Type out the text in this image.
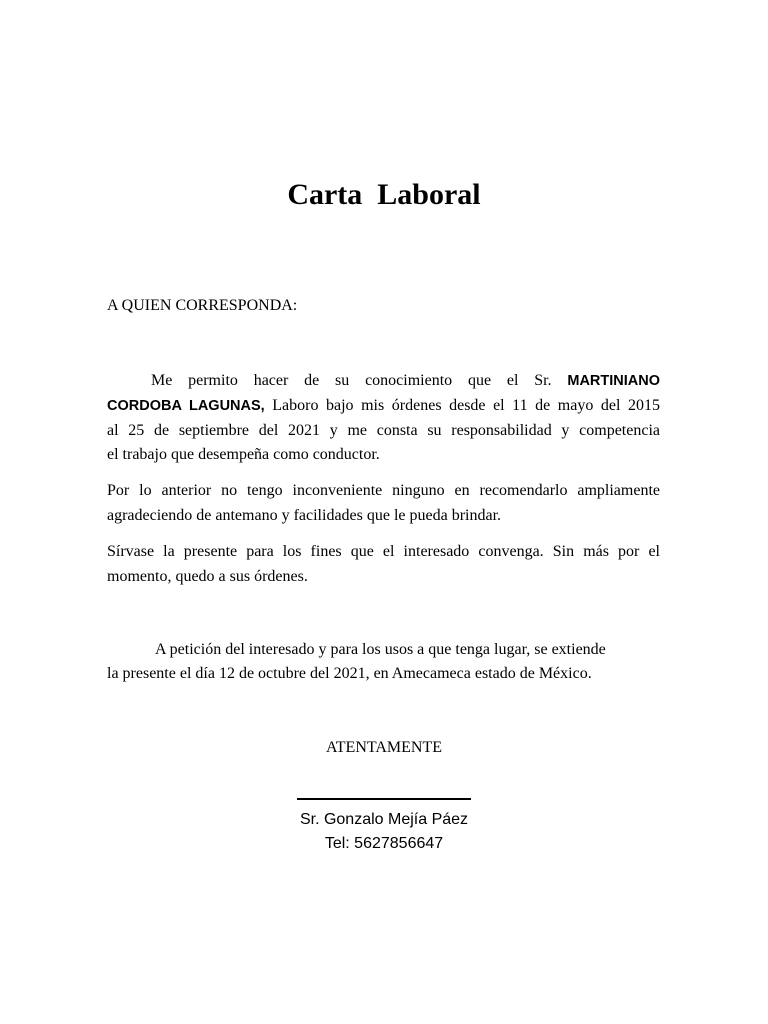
Carta  Laboral
A QUIEN CORRESPONDA:
Me permito hacer de su conocimiento que el Sr. MARTINIANO
CORDOBA LAGUNAS, Laboro bajo mis órdenes desde el 11 de mayo del 2015
al 25 de septiembre del 2021 y me consta su responsabilidad y competencia
el trabajo que desempeña como conductor.
Por lo anterior no tengo inconveniente ninguno en recomendarlo ampliamente
agradeciendo de antemano y facilidades que le pueda brindar.
Sírvase la presente para los fines que el interesado convenga. Sin más por el
momento, quedo a sus órdenes.
A petición del interesado y para los usos a que tenga lugar, se extiende
la presente el día 12 de octubre del 2021, en Amecameca estado de México.
ATENTAMENTE
Sr. Gonzalo Mejía Páez
Tel: 5627856647
